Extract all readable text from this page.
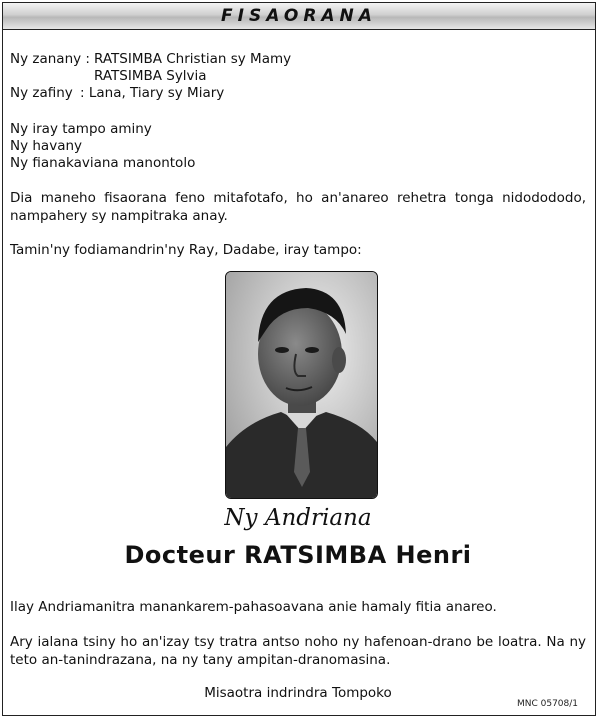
FISAORANA
Ny zanany : RATSIMBA Christian sy Mamy
RATSIMBA Sylvia
Ny zafiny : Lana, Tiary sy Miary
Ny iray tampo aminy
Ny havany
Ny fianakaviana manontolo
Dia maneho fisaorana feno mitafotafo, ho an'anareo rehetra tonga nidodododo, nampahery sy nampitraka anay.
Tamin'ny fodiamandrin'ny Ray, Dadabe, iray tampo:
Ny Andriana
Docteur RATSIMBA Henri
Ilay Andriamanitra manankarem-pahasoavana anie hamaly fitia anareo.
Ary ialana tsiny ho an'izay tsy tratra antso noho ny hafenoan-drano be loatra. Na ny teto an-tanindrazana, na ny tany ampitan-dranomasina.
Misaotra indrindra Tompoko
MNC 05708/1
